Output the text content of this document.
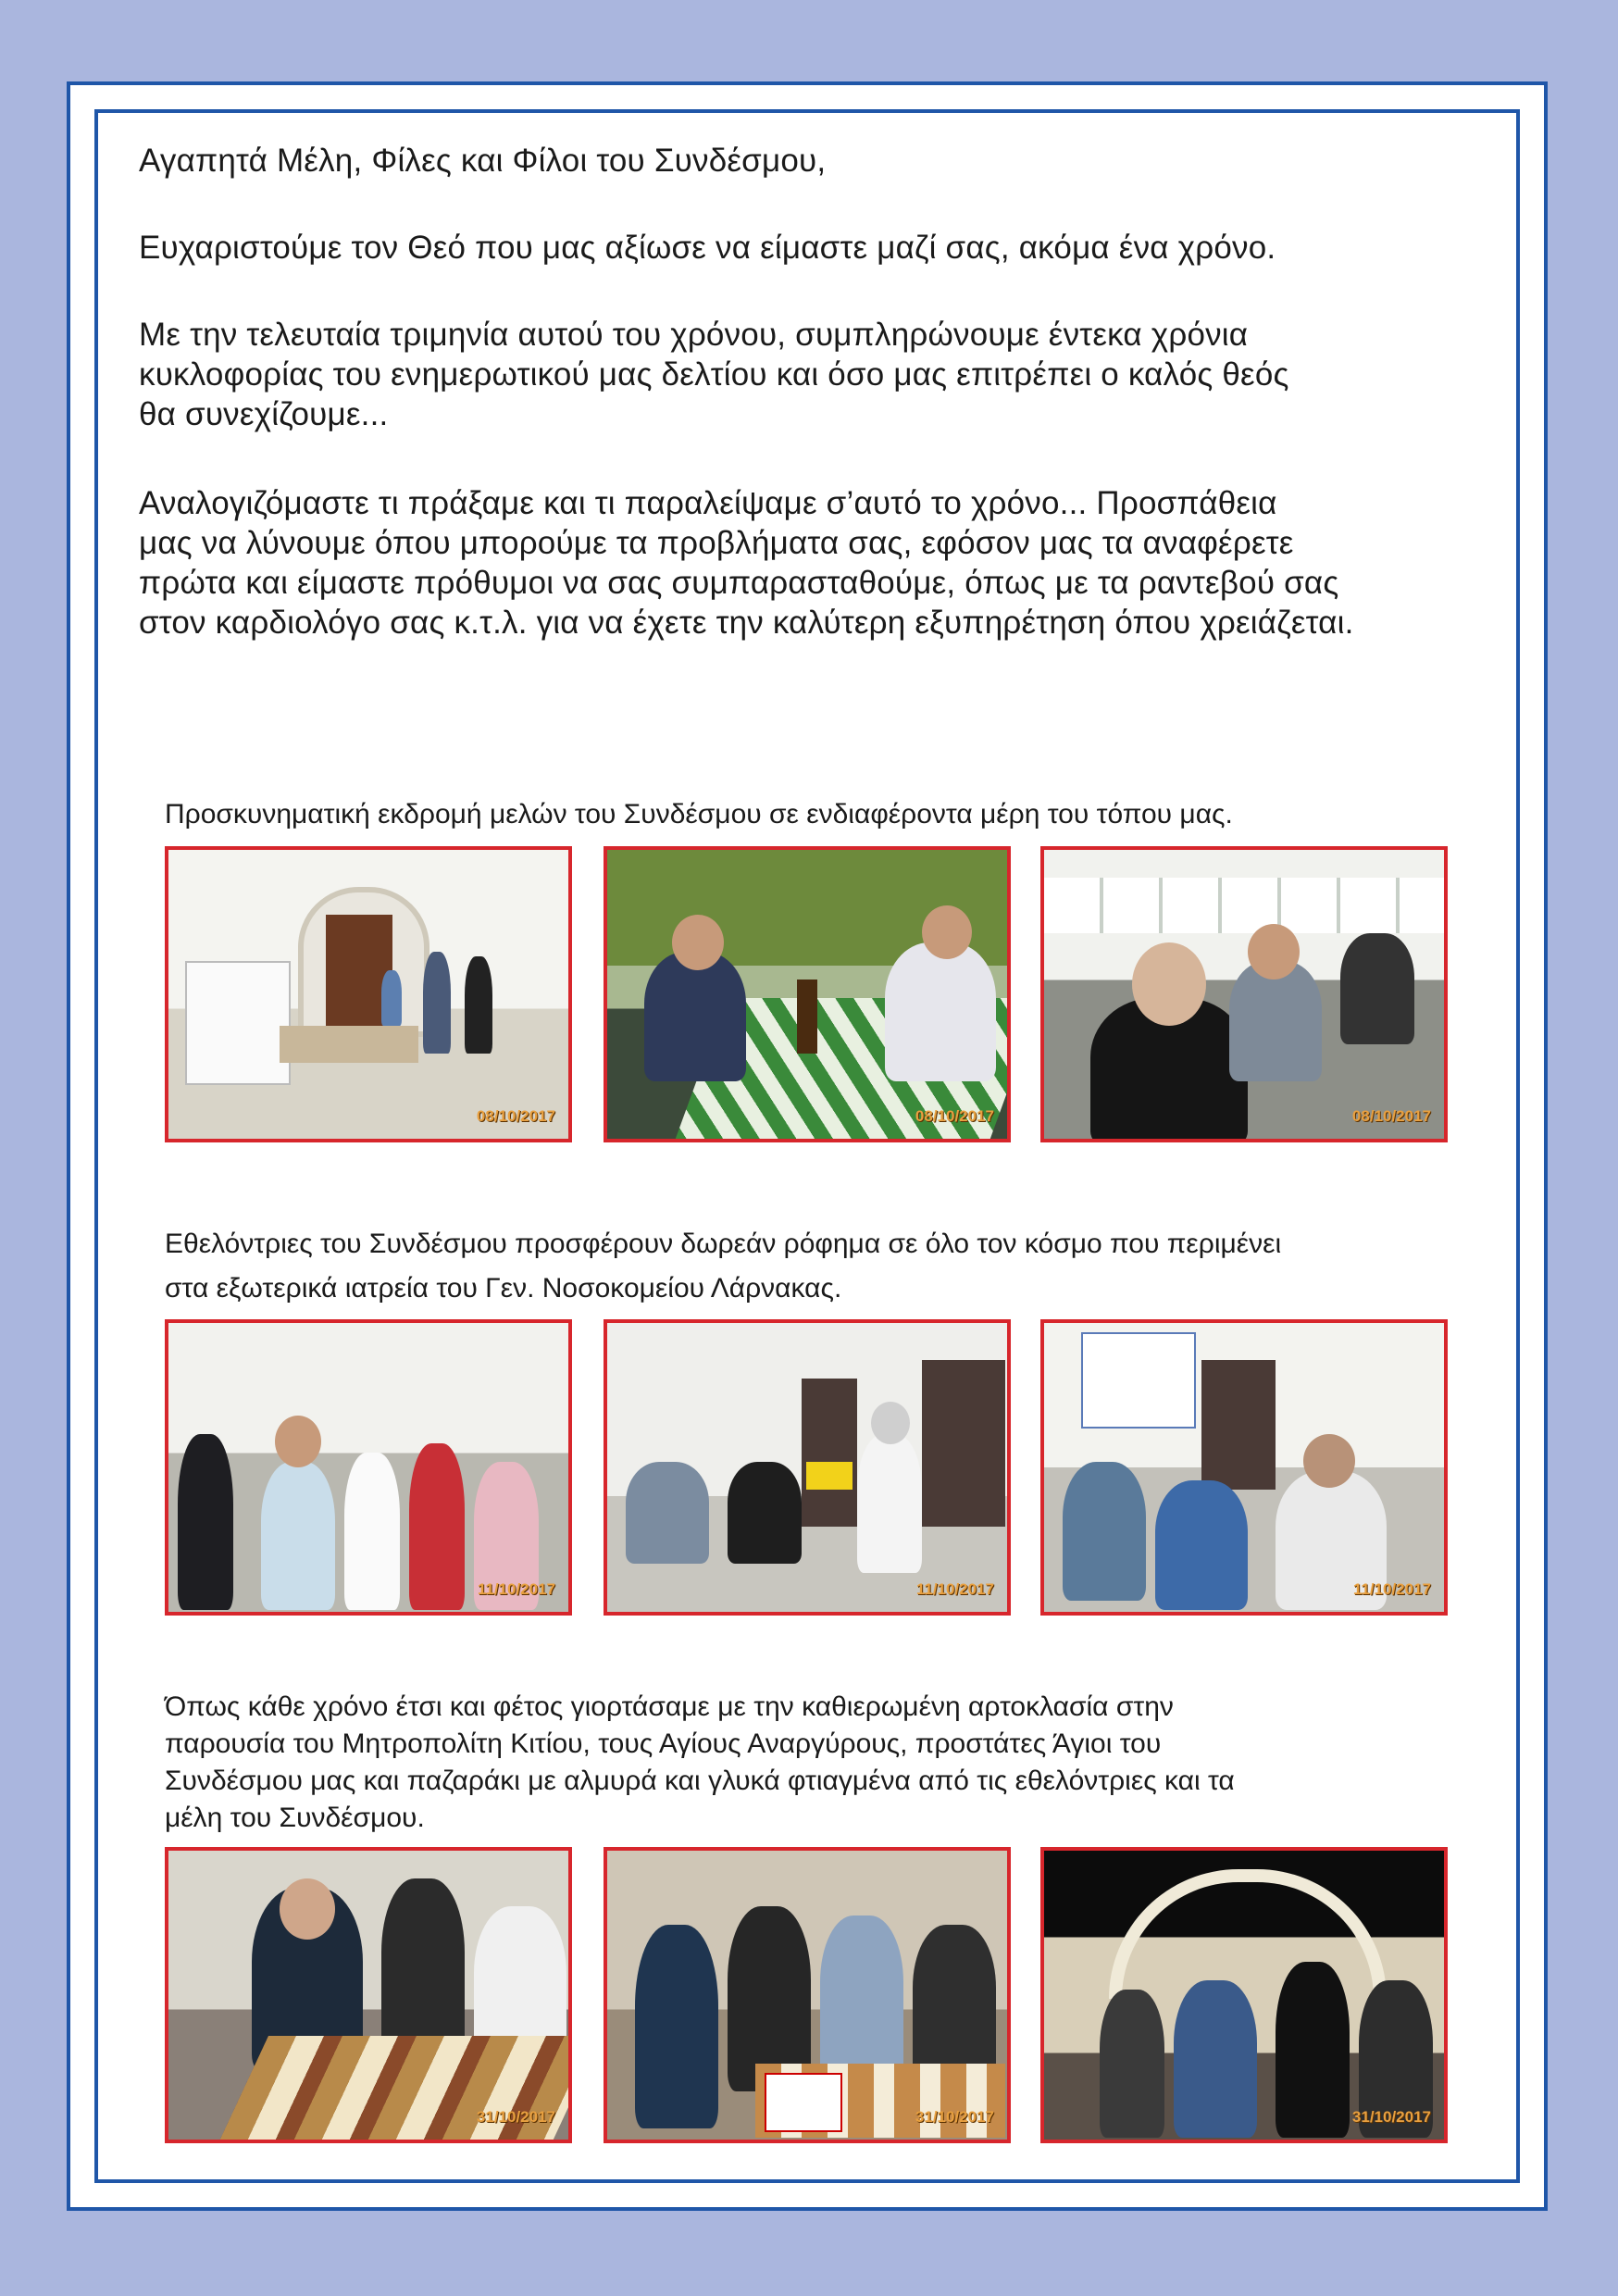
Αγαπητά Μέλη, Φίλες και Φίλοι του Συνδέσμου,
Ευχαριστούμε τον Θεό που μας αξίωσε να είμαστε μαζί σας, ακόμα ένα χρόνο.
Με την τελευταία τριμηνία αυτού του χρόνου, συμπληρώνουμε έντεκα χρόνια
κυκλοφορίας του ενημερωτικού μας δελτίου και όσο μας επιτρέπει ο καλός θεός
θα συνεχίζουμε...
Αναλογιζόμαστε τι πράξαμε και τι παραλείψαμε σ’αυτό το χρόνο... Προσπάθεια
μας να λύνουμε όπου μπορούμε τα προβλήματα σας, εφόσον μας τα αναφέρετε
πρώτα και είμαστε πρόθυμοι να σας συμπαρασταθούμε, όπως με τα ραντεβού σας
στον καρδιολόγο σας κ.τ.λ. για να έχετε την καλύτερη εξυπηρέτηση όπου χρειάζεται.
Προσκυνηματική εκδρομή μελών του Συνδέσμου σε ενδιαφέροντα μέρη του τόπου μας.
08/10/2017	08/10/2017	08/10/2017
Εθελόντριες του Συνδέσμου προσφέρουν δωρεάν ρόφημα σε όλο τον κόσμο που περιμένει
στα εξωτερικά ιατρεία του Γεν. Νοσοκομείου Λάρνακας.
11/10/2017	11/10/2017	11/10/2017
Όπως κάθε χρόνο έτσι και φέτος γιορτάσαμε με την καθιερωμένη αρτοκλασία στην
παρουσία του Μητροπολίτη Κιτίου, τους Αγίους Αναργύρους, προστάτες Άγιοι του
Συνδέσμου μας και παζαράκι με αλμυρά και γλυκά φτιαγμένα από τις εθελόντριες και τα
μέλη του Συνδέσμου.
31/10/2017	31/10/2017	31/10/2017
